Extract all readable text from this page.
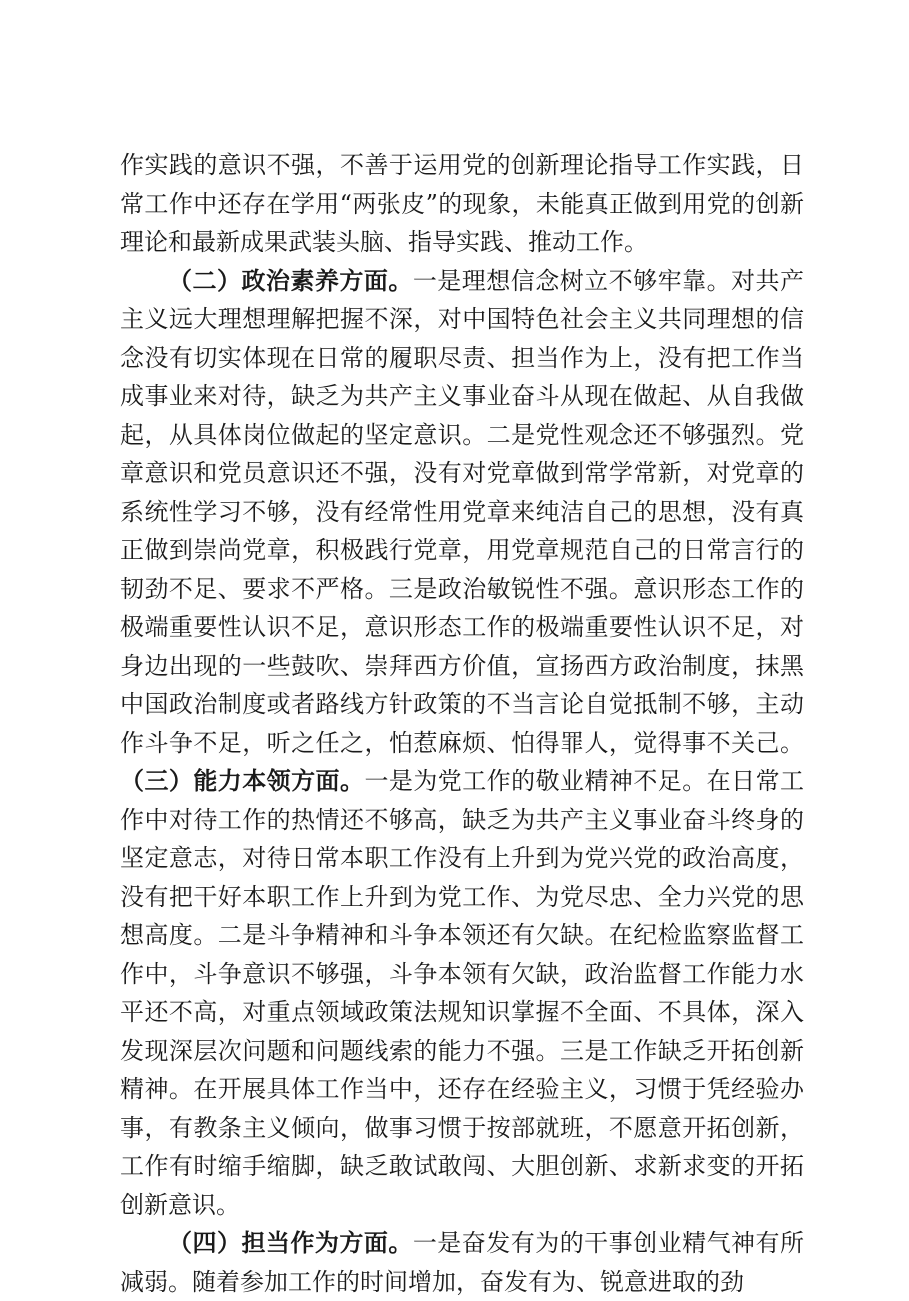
作实践的意识不强，不善于运用党的创新理论指导工作实践，日常工作中还存在学用“两张皮”的现象，未能真正做到用党的创新理论和最新成果武装头脑、指导实践、推动工作。

（二）政治素养方面。一是理想信念树立不够牢靠。对共产主义远大理想理解把握不深，对中国特色社会主义共同理想的信念没有切实体现在日常的履职尽责、担当作为上，没有把工作当成事业来对待，缺乏为共产主义事业奋斗从现在做起、从自我做起，从具体岗位做起的坚定意识。二是党性观念还不够强烈。党章意识和党员意识还不强，没有对党章做到常学常新，对党章的系统性学习不够，没有经常性用党章来纯洁自己的思想，没有真正做到崇尚党章，积极践行党章，用党章规范自己的日常言行的韧劲不足、要求不严格。三是政治敏锐性不强。意识形态工作的极端重要性认识不足，意识形态工作的极端重要性认识不足，对身边出现的一些鼓吹、崇拜西方价值，宣扬西方政治制度，抹黑中国政治制度或者路线方针政策的不当言论自觉抵制不够，主动作斗争不足，听之任之，怕惹麻烦、怕得罪人，觉得事不关己。（三）能力本领方面。一是为党工作的敬业精神不足。在日常工作中对待工作的热情还不够高，缺乏为共产主义事业奋斗终身的坚定意志，对待日常本职工作没有上升到为党兴党的政治高度，没有把干好本职工作上升到为党工作、为党尽忠、全力兴党的思想高度。二是斗争精神和斗争本领还有欠缺。在纪检监察监督工作中，斗争意识不够强，斗争本领有欠缺，政治监督工作能力水平还不高，对重点领域政策法规知识掌握不全面、不具体，深入发现深层次问题和问题线索的能力不强。三是工作缺乏开拓创新精神。在开展具体工作当中，还存在经验主义，习惯于凭经验办事，有教条主义倾向，做事习惯于按部就班，不愿意开拓创新，工作有时缩手缩脚，缺乏敢试敢闯、大胆创新、求新求变的开拓创新意识。

（四）担当作为方面。一是奋发有为的干事创业精气神有所减弱。随着参加工作的时间增加，奋发有为、锐意进取的劲
